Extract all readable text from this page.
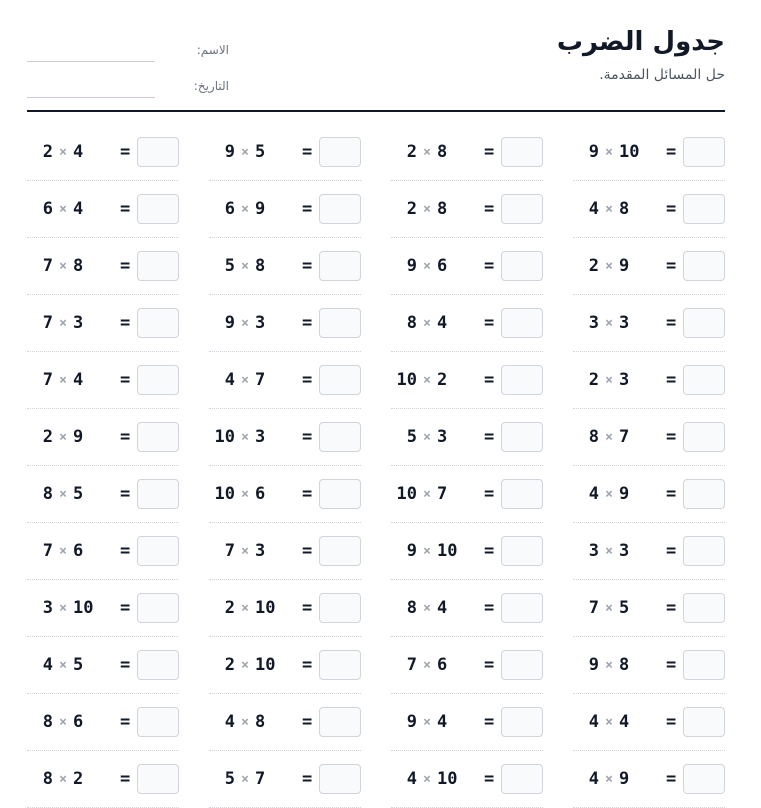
جدول الضرب
حل المسائل المقدمة.
الاسم:
التاريخ:
2 × 4	=	9 × 5	=	2 × 8	=	9 × 10	=
6 × 4	=	6 × 9	=	2 × 8	=	4 × 8	=
7 × 8	=	5 × 8	=	9 × 6	=	2 × 9	=
7 × 3	=	9 × 3	=	8 × 4	=	3 × 3	=
7 × 4	=	4 × 7	=	10 × 2	=	2 × 3	=
2 × 9	=	10 × 3	=	5 × 3	=	8 × 7	=
8 × 5	=	10 × 6	=	10 × 7	=	4 × 9	=
7 × 6	=	7 × 3	=	9 × 10	=	3 × 3	=
3 × 10	=	2 × 10	=	8 × 4	=	7 × 5	=
4 × 5	=	2 × 10	=	7 × 6	=	9 × 8	=
8 × 6	=	4 × 8	=	9 × 4	=	4 × 4	=
8 × 2	=	5 × 7	=	4 × 10	=	4 × 9	=
